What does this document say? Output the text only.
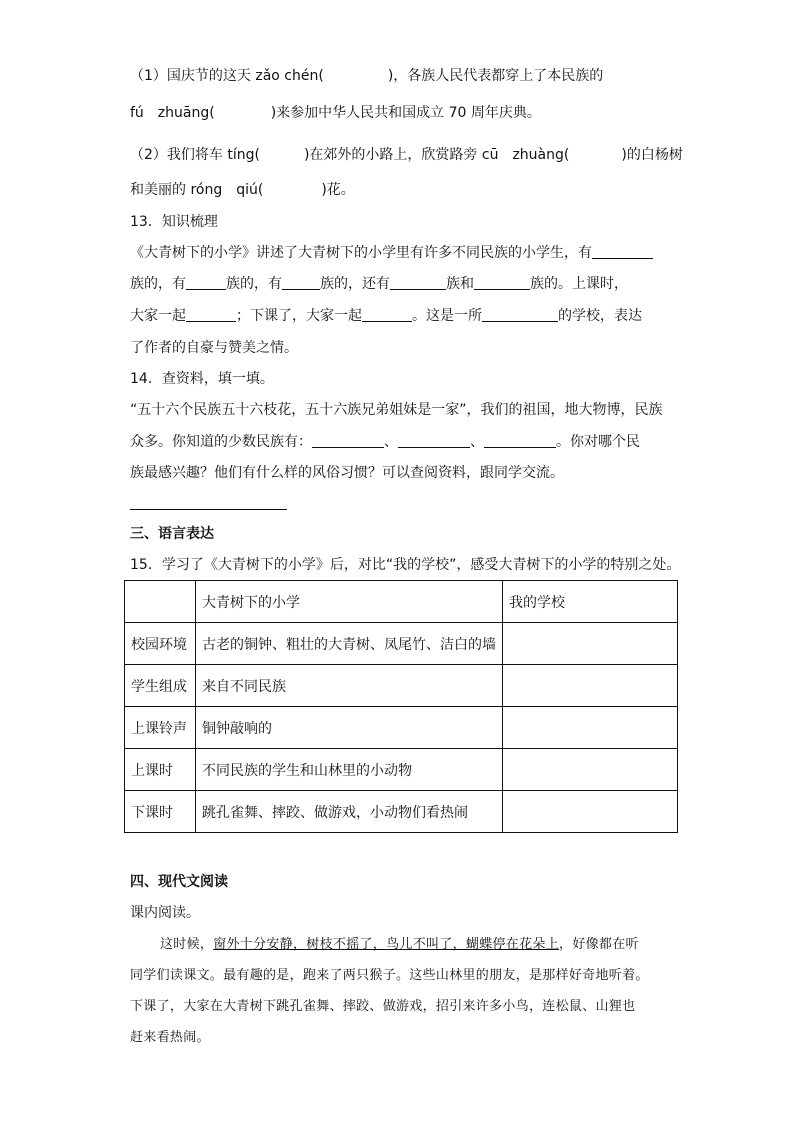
（1）国庆节的这天 zǎo chén(	)，各族人民代表都穿上了本民族的
fú　zhuāng(	)来参加中华人民共和国成立 70 周年庆典。
（2）我们将车 tíng(	)在郊外的小路上，欣赏路旁 cū　zhuàng(	)的白杨树
和美丽的 róng　qiú(	)花。
13．知识梳理
《大青树下的小学》讲述了大青树下的小学里有许多不同民族的小学生，有
族的，有	族的，有	族的，还有	族和	族的。上课时，
大家一起	；下课了，大家一起	。这是一所	的学校，表达
了作者的自豪与赞美之情。
14．查资料，填一填。
“五十六个民族五十六枝花，五十六族兄弟姐妹是一家”，我们的祖国，地大物博，民族
众多。你知道的少数民族有：	、	、	。你对哪个民
族最感兴趣？他们有什么样的风俗习惯？可以查阅资料，跟同学交流。
三、语言表达
15．学习了《大青树下的小学》后，对比“我的学校”，感受大青树下的小学的特别之处。
	大青树下的小学	我的学校
校园环境	古老的铜钟、粗壮的大青树、凤尾竹、洁白的墙	
学生组成	来自不同民族	
上课铃声	铜钟敲响的	
上课时	不同民族的学生和山林里的小动物	
下课时	跳孔雀舞、摔跤、做游戏，小动物们看热闹	
四、现代文阅读
课内阅读。
这时候，窗外十分安静，树枝不摇了，鸟儿不叫了，蝴蝶停在花朵上，好像都在听
同学们读课文。最有趣的是，跑来了两只猴子。这些山林里的朋友，是那样好奇地听着。
下课了，大家在大青树下跳孔雀舞、摔跤、做游戏，招引来许多小鸟，连松鼠、山狸也
赶来看热闹。
